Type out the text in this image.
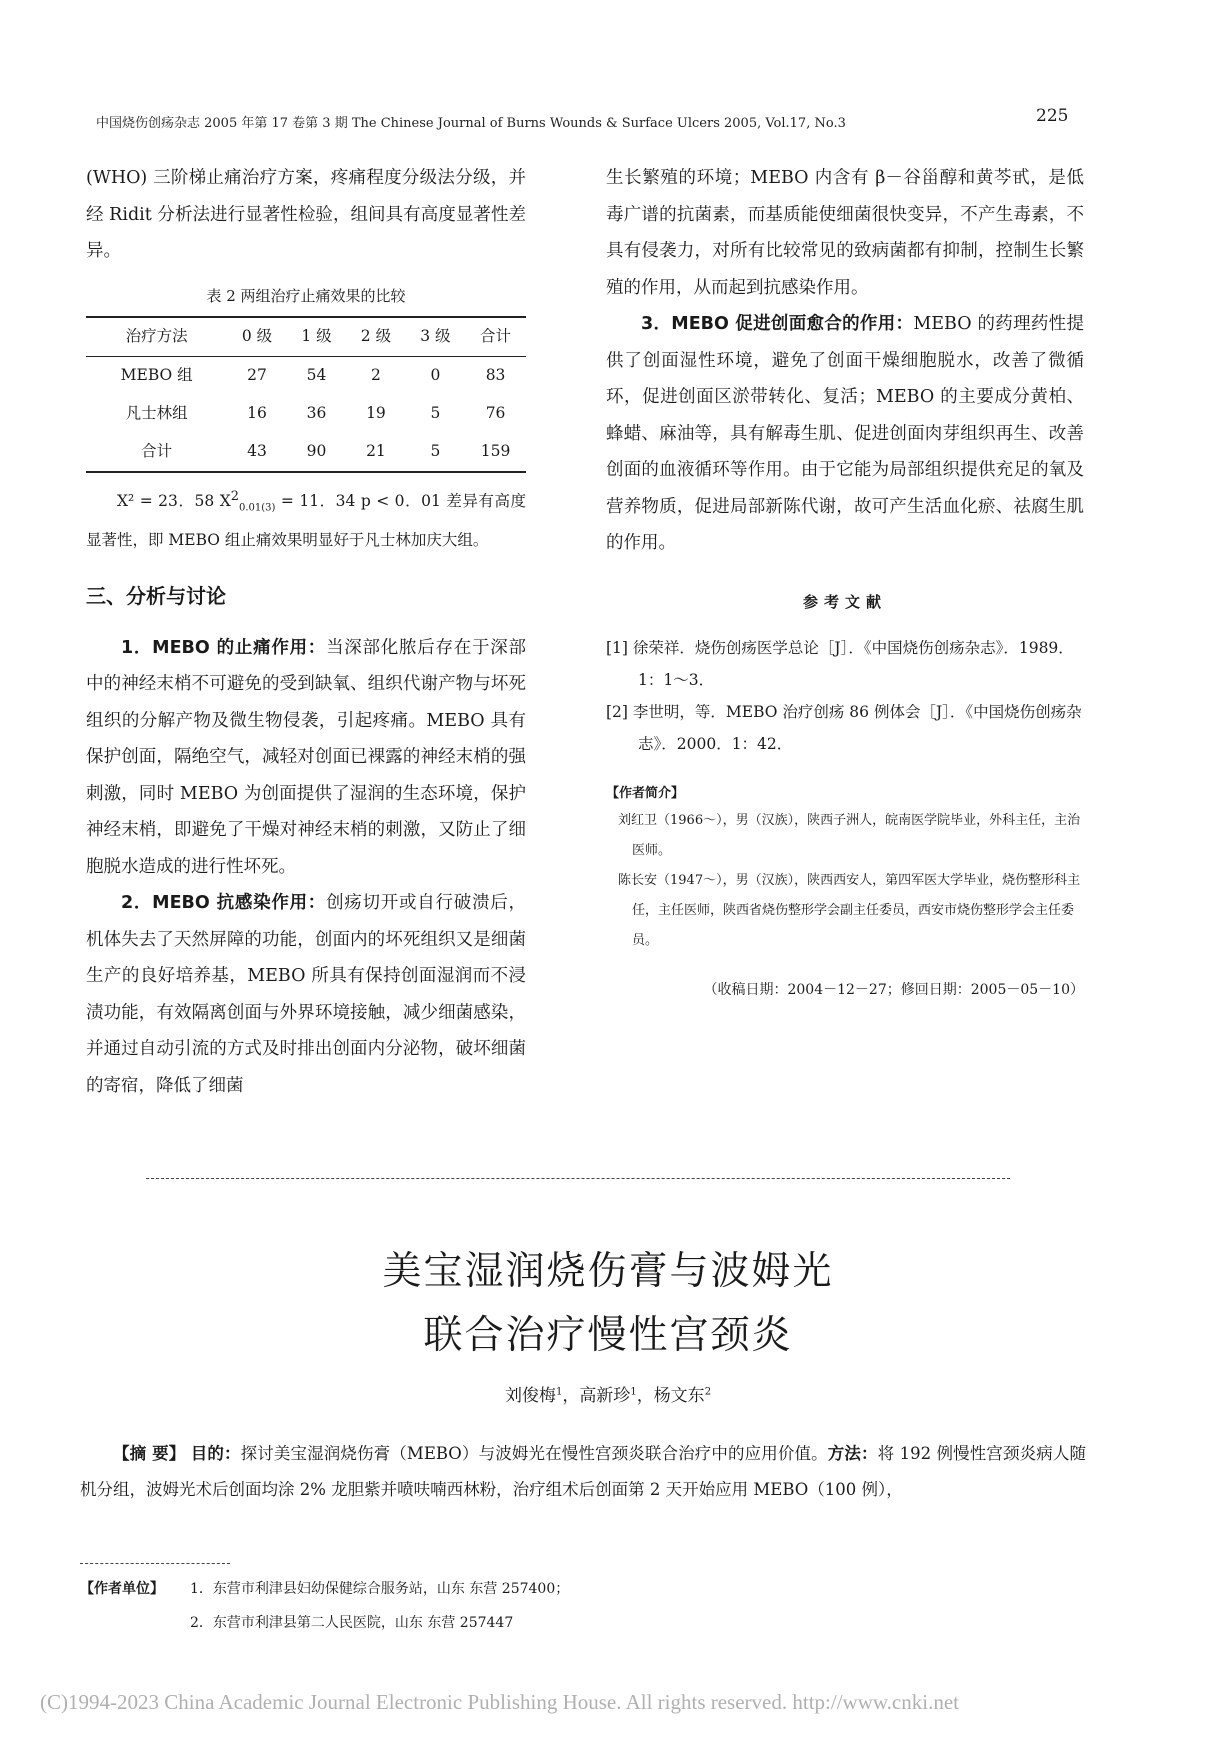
中国烧伤创疡杂志 2005 年第 17 卷第 3 期 The Chinese Journal of Burns Wounds & Surface Ulcers 2005, Vol.17, No.3	225

(WHO) 三阶梯止痛治疗方案，疼痛程度分级法分级，并经 Ridit 分析法进行显著性检验，组间具有高度显著性差异。

表 2 两组治疗止痛效果的比较
治疗方法	0 级	1 级	2 级	3 级	合计
MEBO 组	27	54	2	0	83
凡士林组	16	36	19	5	76
合计	43	90	21	5	159
X² = 23．58 $X^2_{0.01(3)} = 11$．34 p < 0．01 差异有高度显著性，即 MEBO 组止痛效果明显好于凡士林加庆大组。
三、分析与讨论

1．MEBO 的止痛作用：当深部化脓后存在于深部中的神经末梢不可避免的受到缺氧、组织代谢产物与坏死组织的分解产物及微生物侵袭，引起疼痛。MEBO 具有保护创面，隔绝空气，减轻对创面已裸露的神经末梢的强刺激，同时 MEBO 为创面提供了湿润的生态环境，保护神经末梢，即避免了干燥对神经末梢的刺激，又防止了细胞脱水造成的进行性坏死。

2．MEBO 抗感染作用：创疡切开或自行破溃后，机体失去了天然屏障的功能，创面内的坏死组织又是细菌生产的良好培养基，MEBO 所具有保持创面湿润而不浸渍功能，有效隔离创面与外界环境接触，减少细菌感染，并通过自动引流的方式及时排出创面内分泌物，破坏细菌的寄宿，降低了细菌

生长繁殖的环境；MEBO 内含有 β－谷甾醇和黄芩甙，是低毒广谱的抗菌素，而基质能使细菌很快变异，不产生毒素，不具有侵袭力，对所有比较常见的致病菌都有抑制，控制生长繁殖的作用，从而起到抗感染作用。

3．MEBO 促进创面愈合的作用：MEBO 的药理药性提供了创面湿性环境，避免了创面干燥细胞脱水，改善了微循环，促进创面区淤带转化、复活；MEBO 的主要成分黄柏、蜂蜡、麻油等，具有解毒生肌、促进创面肉芽组织再生、改善创面的血液循环等作用。由于它能为局部组织提供充足的氧及营养物质，促进局部新陈代谢，故可产生活血化瘀、祛腐生肌的作用。

参考文献
[1] 徐荣祥．烧伤创疡医学总论［J］．《中国烧伤创疡杂志》．1989．1：1～3．
[2] 李世明，等．MEBO 治疗创疡 86 例体会［J］．《中国烧伤创疡杂志》．2000．1：42．
【作者简介】
刘红卫（1966～），男（汉族），陕西子洲人，皖南医学院毕业，外科主任，主治医师。
陈长安（1947～），男（汉族），陕西西安人，第四军医大学毕业，烧伤整形科主任，主任医师，陕西省烧伤整形学会副主任委员，西安市烧伤整形学会主任委员。
（收稿日期：2004－12－27；修回日期：2005－05－10）
美宝湿润烧伤膏与波姆光
联合治疗慢性宫颈炎
刘俊梅$^1$，高新珍$^1$，杨文东$^2$
【摘 要】 目的：探讨美宝湿润烧伤膏（MEBO）与波姆光在慢性宫颈炎联合治疗中的应用价值。方法：将 192 例慢性宫颈炎病人随机分组，波姆光术后创面均涂 2% 龙胆紫并喷呋喃西林粉，治疗组术后创面第 2 天开始应用 MEBO（100 例），
【作者单位】 1．东营市利津县妇幼保健综合服务站，山东 东营 257400；
2．东营市利津县第二人民医院，山东 东营 257447
(C)1994-2023 China Academic Journal Electronic Publishing House. All rights reserved. http://www.cnki.net
